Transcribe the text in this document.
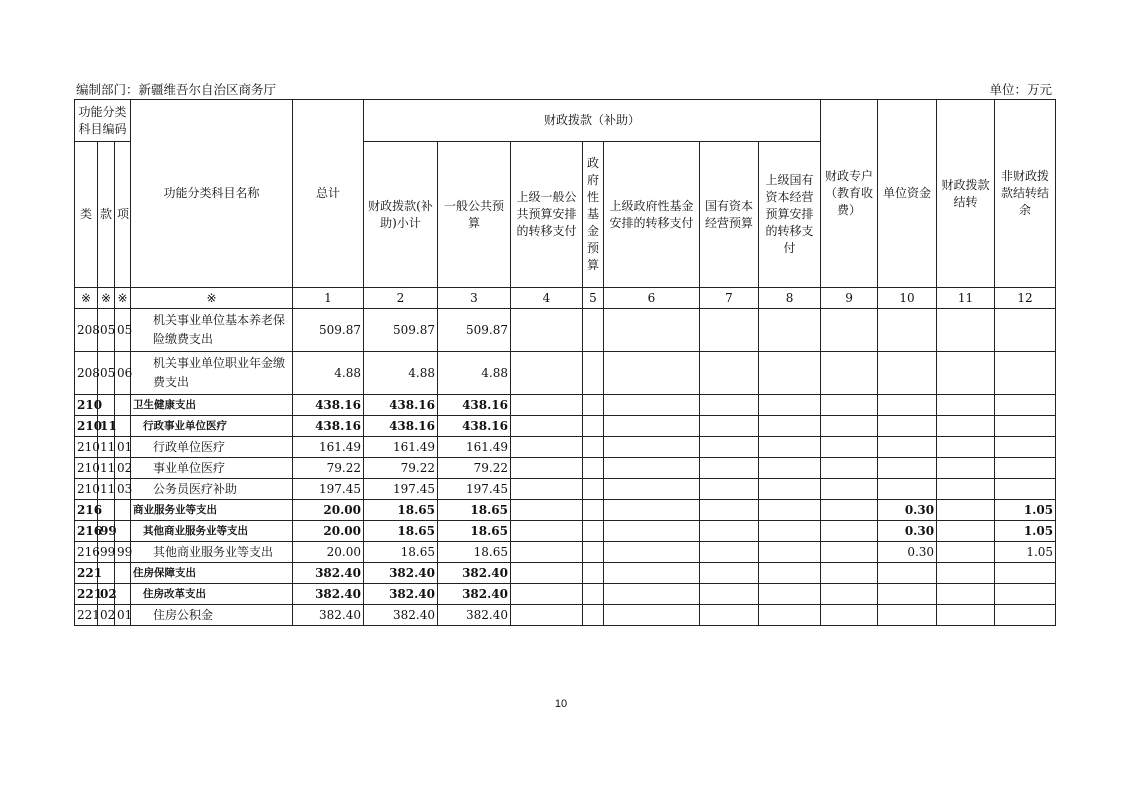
编制部门：新疆维吾尔自治区商务厅	单位：万元
功能分类科目编码			功能分类科目名称	总计	财政拨款（补助）							财政专户（教育收费）	单位资金	财政拨款结转	非财政拨款结转结余
类	款	项			财政拨款(补助)小计	一般公共预算	上级一般公共预算安排的转移支付	政府性基金预算	上级政府性基金安排的转移支付	国有资本经营预算	上级国有资本经营预算安排的转移支付				
※	※	※	※	1	2	3	4	5	6	7	8	9	10	11	12
208	05	05	机关事业单位基本养老保险缴费支出	509.87	509.87	509.87									
208	05	06	机关事业单位职业年金缴费支出	4.88	4.88	4.88									
210			卫生健康支出	438.16	438.16	438.16									
210	11		行政事业单位医疗	438.16	438.16	438.16									
210	11	01	行政单位医疗	161.49	161.49	161.49									
210	11	02	事业单位医疗	79.22	79.22	79.22									
210	11	03	公务员医疗补助	197.45	197.45	197.45									
216			商业服务业等支出	20.00	18.65	18.65							0.30		1.05
216	99		其他商业服务业等支出	20.00	18.65	18.65							0.30		1.05
216	99	99	其他商业服务业等支出	20.00	18.65	18.65							0.30		1.05
221			住房保障支出	382.40	382.40	382.40									
221	02		住房改革支出	382.40	382.40	382.40									
221	02	01	住房公积金	382.40	382.40	382.40									
10
